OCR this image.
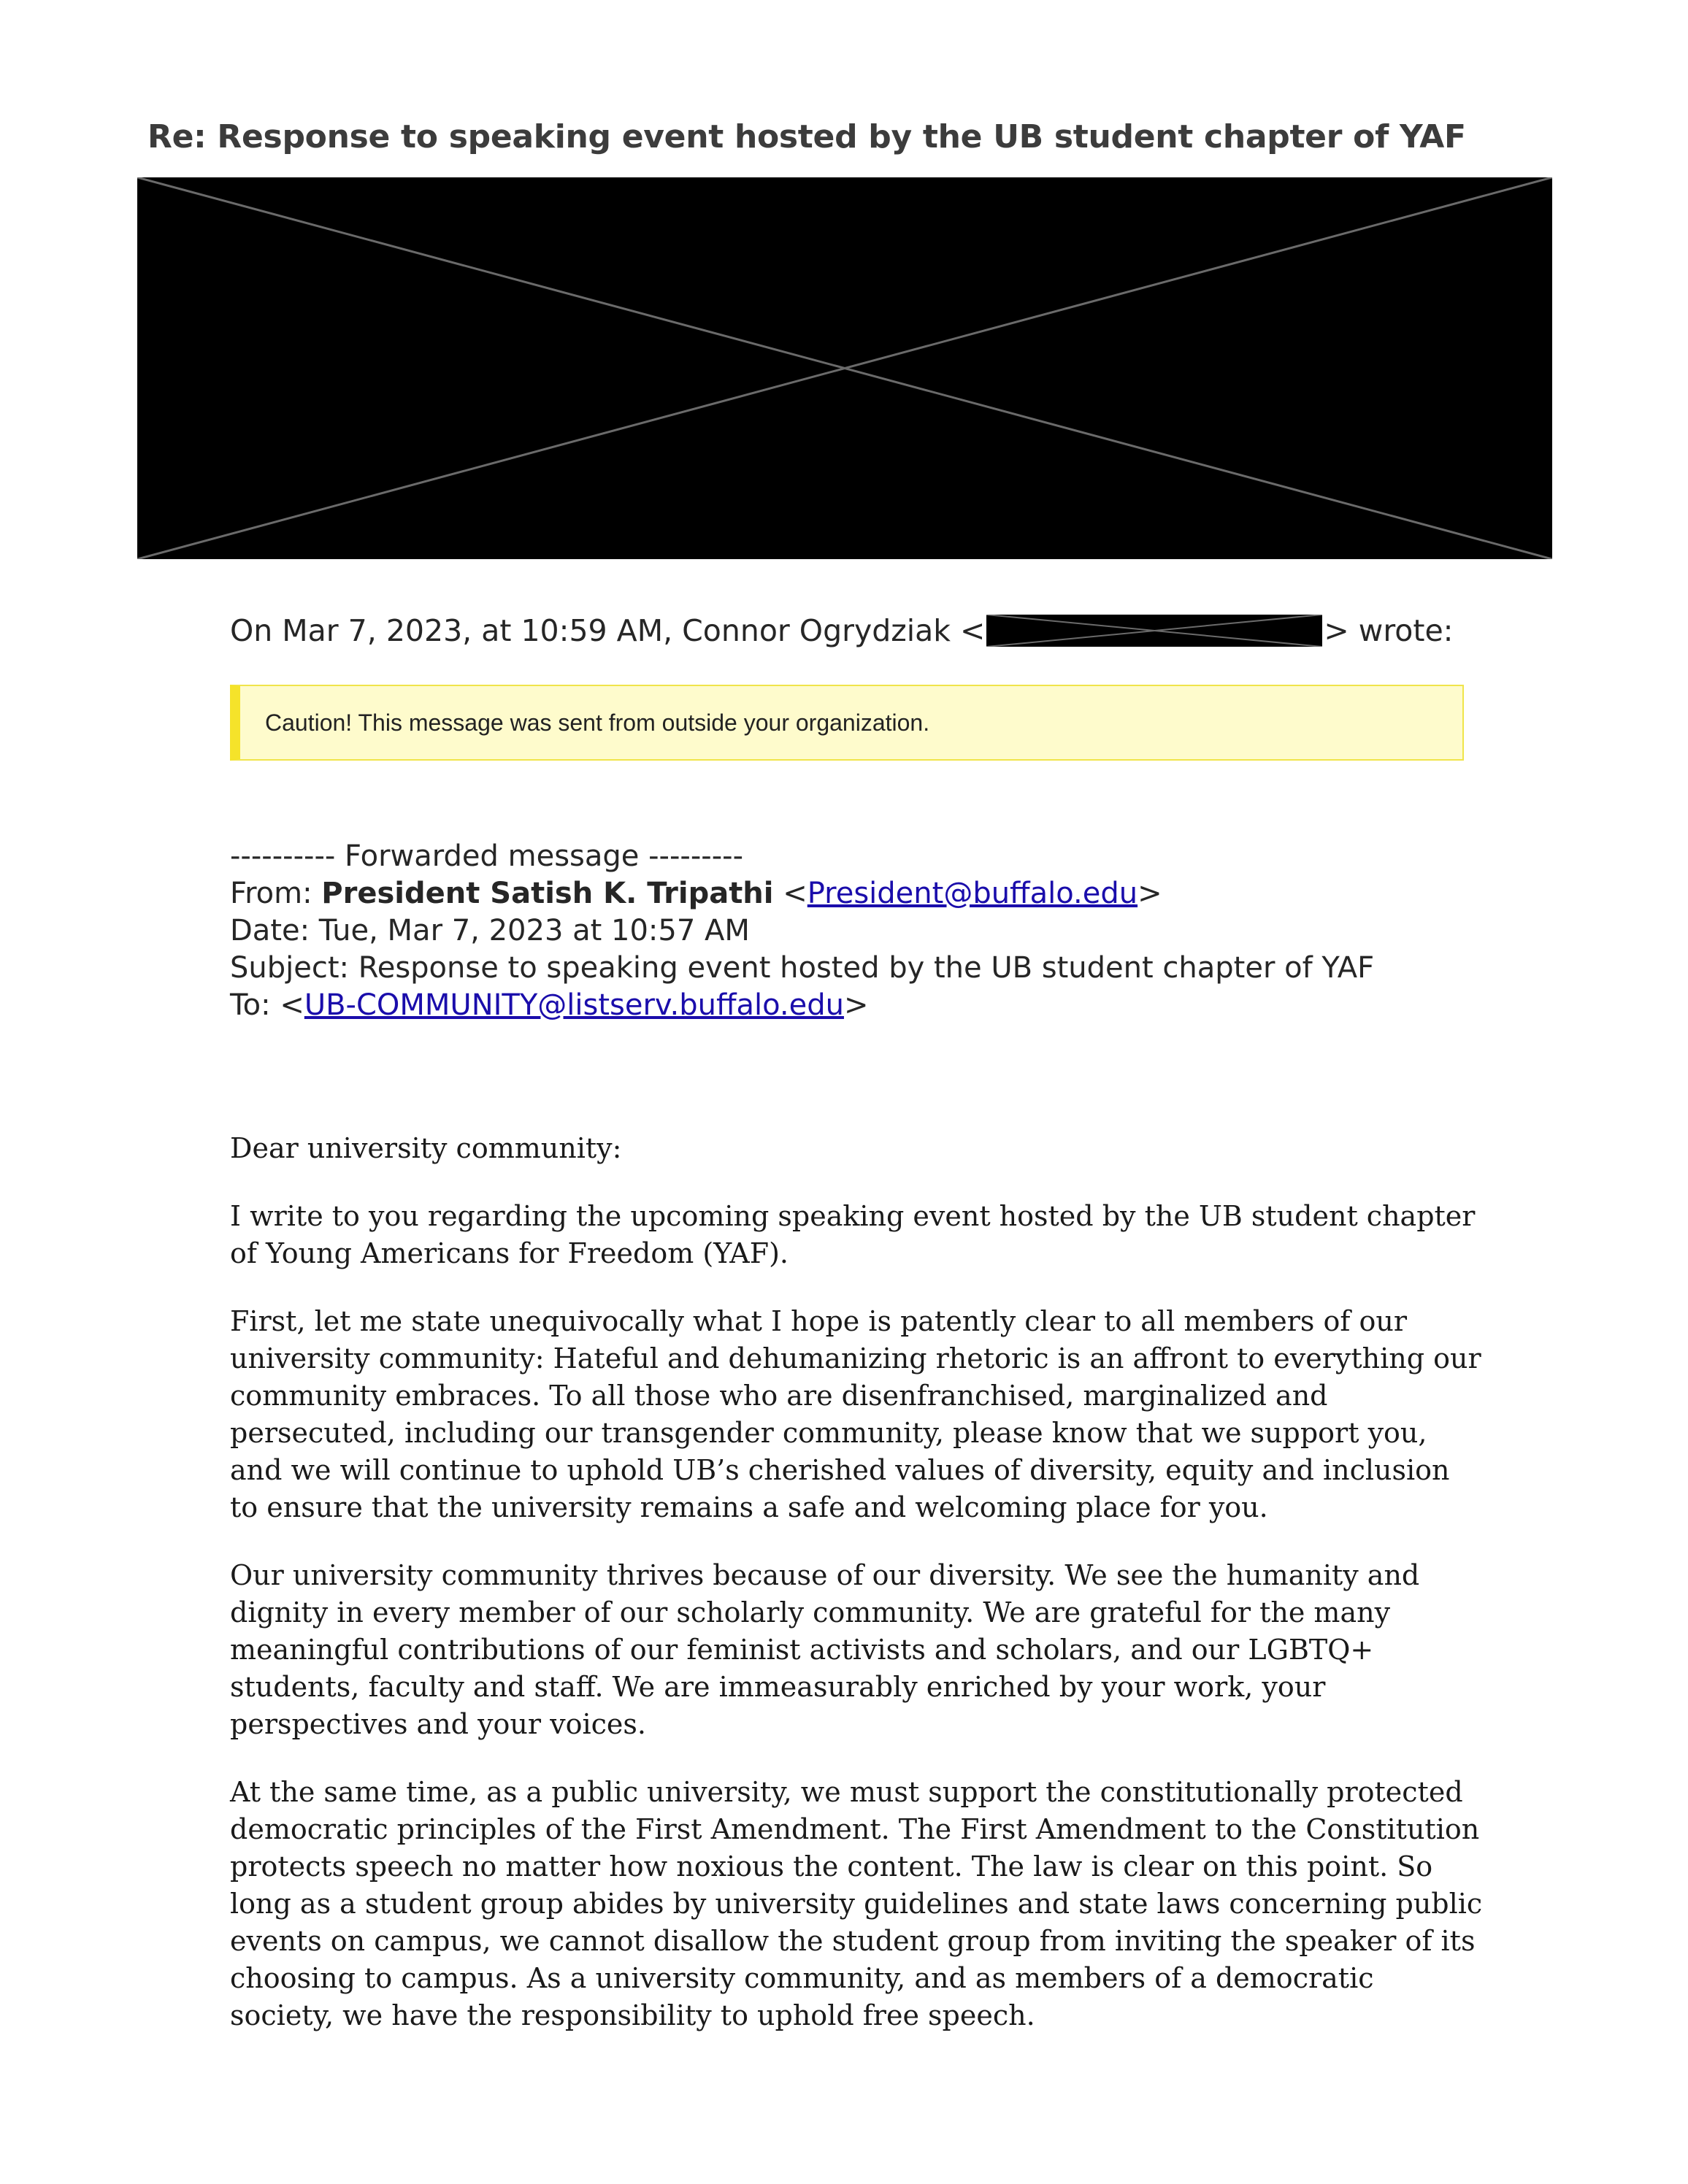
Re: Response to speaking event hosted by the UB student chapter of YAF
On Mar 7, 2023, at 10:59 AM, Connor Ogrydziak <	> wrote:
Caution! This message was sent from outside your organization.
---------- Forwarded message ---------
From: President Satish K. Tripathi <President@buffalo.edu>
Date: Tue, Mar 7, 2023 at 10:57 AM
Subject: Response to speaking event hosted by the UB student chapter of YAF
To: <UB-COMMUNITY@listserv.buffalo.edu>

Dear university community:

I write to you regarding the upcoming speaking event hosted by the UB student chapter of Young Americans for Freedom (YAF).

First, let me state unequivocally what I hope is patently clear to all members of our university community: Hateful and dehumanizing rhetoric is an affront to everything our community embraces. To all those who are disenfranchised, marginalized and persecuted, including our transgender community, please know that we support you, and we will continue to uphold UB’s cherished values of diversity, equity and inclusion to ensure that the university remains a safe and welcoming place for you.

Our university community thrives because of our diversity. We see the humanity and dignity in every member of our scholarly community. We are grateful for the many meaningful contributions of our feminist activists and scholars, and our LGBTQ+ students, faculty and staff. We are immeasurably enriched by your work, your perspectives and your voices.

At the same time, as a public university, we must support the constitutionally protected democratic principles of the First Amendment. The First Amendment to the Constitution protects speech no matter how noxious the content. The law is clear on this point. So long as a student group abides by university guidelines and state laws concerning public events on campus, we cannot disallow the student group from inviting the speaker of its choosing to campus. As a university community, and as members of a democratic society, we have the responsibility to uphold free speech.
